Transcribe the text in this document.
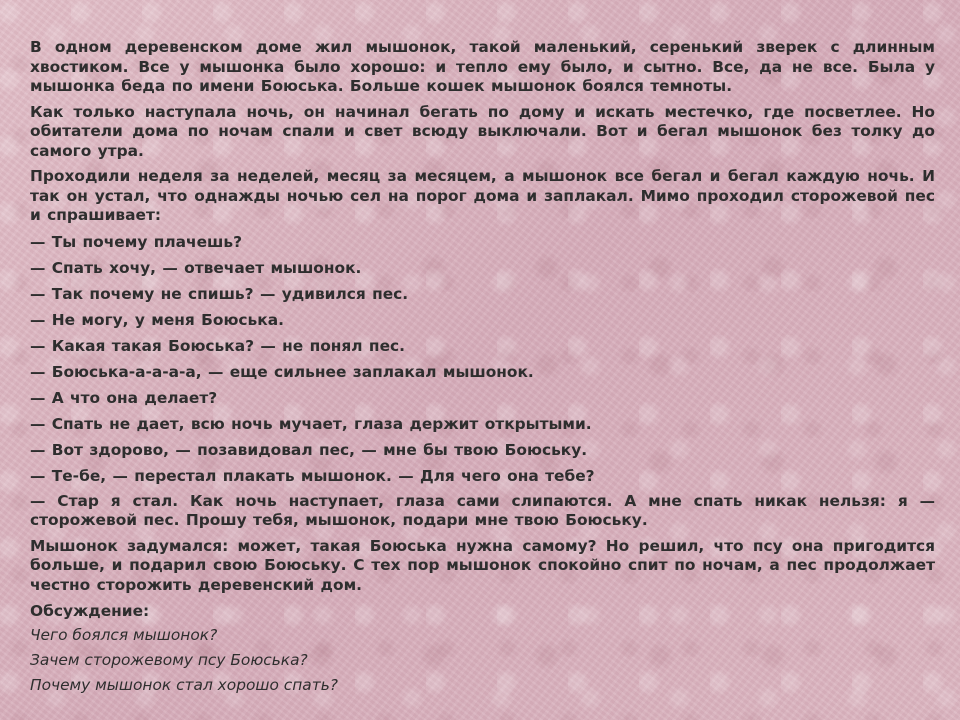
В одном деревенском доме жил мышонок, такой маленький, серенький зверек с длинным хвостиком. Все у мышонка было хорошо: и тепло ему было, и сытно. Все, да не все. Была у мышонка беда по имени Боюська. Больше кошек мышонок боялся темноты.

Как только наступала ночь, он начинал бегать по дому и искать местечко, где посветлее. Но обитатели дома по ночам спали и свет всюду выключали. Вот и бегал мышонок без толку до самого утра.

Проходили неделя за неделей, месяц за месяцем, а мышонок все бегал и бегал каждую ночь. И так он устал, что однажды ночью сел на порог дома и заплакал. Мимо проходил сторожевой пес и спрашивает:

— Ты почему плачешь?

— Спать хочу, — отвечает мышонок.

— Так почему не спишь? — удивился пес.

— Не могу, у меня Боюська.

— Какая такая Боюська? — не понял пес.

— Боюська-а-а-а-а, — еще сильнее заплакал мышонок.

— А что она делает?

— Спать не дает, всю ночь мучает, глаза держит открытыми.

— Вот здорово, — позавидовал пес, — мне бы твою Боюську.

— Те-бе, — перестал плакать мышонок. — Для чего она тебе?

— Стар я стал. Как ночь наступает, глаза сами слипаются. А мне спать никак нельзя: я — сторожевой пес. Прошу тебя, мышонок, подари мне твою Боюську.

Мышонок задумался: может, такая Боюська нужна самому? Но решил, что псу она пригодится больше, и подарил свою Боюську. С тех пор мышонок спокойно спит по ночам, а пес продолжает честно сторожить деревенский дом.

Обсуждение:

Чего боялся мышонок?

Зачем сторожевому псу Боюська?

Почему мышонок стал хорошо спать?
